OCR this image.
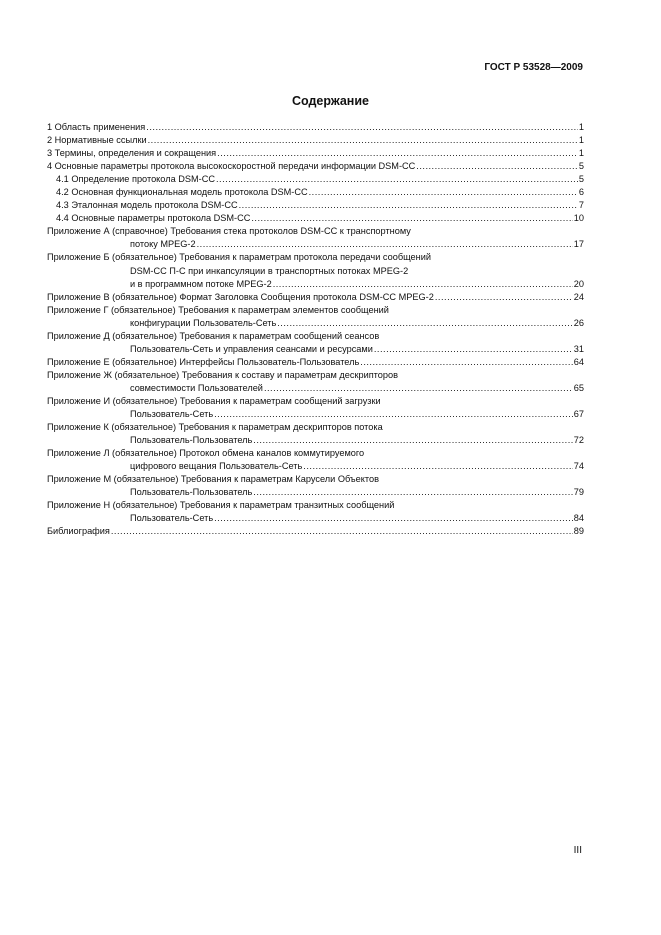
ГОСТ Р 53528—2009
Содержание
1 Область применения .....	1
2 Нормативные ссылки .....	1
3 Термины, определения и сокращения .....	1
4 Основные параметры протокола высокоскоростной передачи информации DSM-CC .....	5
4.1 Определение протокола DSM-CC .....	5
4.2 Основная функциональная модель протокола DSM-CC .....	6
4.3 Эталонная модель протокола DSM-CC .....	7
4.4 Основные параметры протокола DSM-CC .....	10
Приложение А (справочное) Требования стека протоколов DSM-CC к транспортному
потоку MPEG-2 .....	17
Приложение Б (обязательное) Требования к параметрам протокола передачи сообщений
DSM-CC П-С при инкапсуляции в транспортных потоках MPEG-2
и в программном потоке MPEG-2 .....	20
Приложение В (обязательное) Формат Заголовка Сообщения протокола DSM-CC MPEG-2 .....	24
Приложение Г (обязательное) Требования к параметрам элементов сообщений
конфигурации Пользователь-Сеть .....	26
Приложение Д (обязательное) Требования к параметрам сообщений сеансов
Пользователь-Сеть и управления сеансами и ресурсами .....	31
Приложение Е (обязательное) Интерфейсы Пользователь-Пользователь .....	64
Приложение Ж (обязательное) Требования к составу и параметрам дескрипторов
совместимости Пользователей .....	65
Приложение И (обязательное) Требования к параметрам сообщений загрузки
Пользователь-Сеть .....	67
Приложение К (обязательное) Требования к параметрам дескрипторов потока
Пользователь-Пользователь .....	72
Приложение Л (обязательное) Протокол обмена каналов коммутируемого
цифрового вещания Пользователь-Сеть .....	74
Приложение М (обязательное) Требования к параметрам Карусели Объектов
Пользователь-Пользователь .....	79
Приложение Н (обязательное) Требования к параметрам транзитных сообщений
Пользователь-Сеть .....	84
Библиография .....	89
III
